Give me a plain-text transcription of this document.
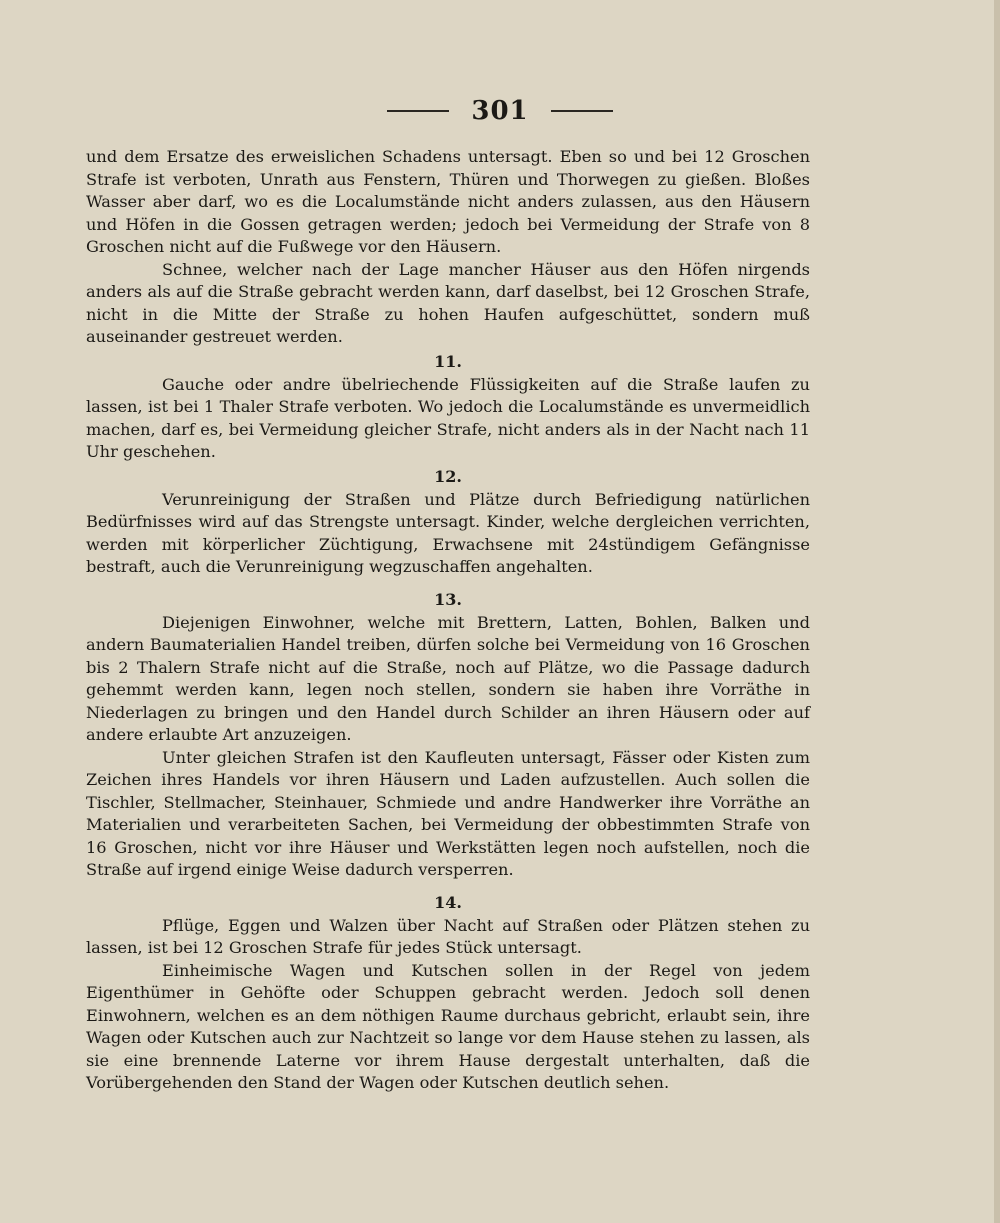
301

und dem Ersatze des erweislichen Schadens untersagt. Eben so und bei 12 Groschen Strafe ist verboten, Unrath aus Fenstern, Thüren und Thorwegen zu gießen. Bloßes Wasser aber darf, wo es die Localumstände nicht anders zulassen, aus den Häusern und Höfen in die Gossen getragen werden; jedoch bei Vermeidung der Strafe von 8 Groschen nicht auf die Fußwege vor den Häusern.

Schnee, welcher nach der Lage mancher Häuser aus den Höfen nirgends anders als auf die Straße gebracht werden kann, darf daselbst, bei 12 Groschen Strafe, nicht in die Mitte der Straße zu hohen Haufen aufgeschüttet, sondern muß auseinander gestreuet werden.

11.

Gauche oder andre übelriechende Flüssigkeiten auf die Straße laufen zu lassen, ist bei 1 Thaler Strafe verboten. Wo jedoch die Localumstände es unvermeidlich machen, darf es, bei Vermeidung gleicher Strafe, nicht anders als in der Nacht nach 11 Uhr geschehen.

12.

Verunreinigung der Straßen und Plätze durch Befriedigung natürlichen Bedürfnisses wird auf das Strengste untersagt. Kinder, welche dergleichen verrichten, werden mit körperlicher Züchtigung, Erwachsene mit 24stündigem Gefängnisse bestraft, auch die Verunreinigung wegzuschaffen angehalten.

13.

Diejenigen Einwohner, welche mit Brettern, Latten, Bohlen, Balken und andern Baumaterialien Handel treiben, dürfen solche bei Vermeidung von 16 Groschen bis 2 Thalern Strafe nicht auf die Straße, noch auf Plätze, wo die Passage dadurch gehemmt werden kann, legen noch stellen, sondern sie haben ihre Vorräthe in Niederlagen zu bringen und den Handel durch Schilder an ihren Häusern oder auf andere erlaubte Art anzuzeigen.

Unter gleichen Strafen ist den Kaufleuten untersagt, Fässer oder Kisten zum Zeichen ihres Handels vor ihren Häusern und Laden aufzustellen. Auch sollen die Tischler, Stellmacher, Steinhauer, Schmiede und andre Handwerker ihre Vorräthe an Materialien und verarbeiteten Sachen, bei Vermeidung der obbestimmten Strafe von 16 Groschen, nicht vor ihre Häuser und Werkstätten legen noch aufstellen, noch die Straße auf irgend einige Weise dadurch versperren.

14.

Pflüge, Eggen und Walzen über Nacht auf Straßen oder Plätzen stehen zu lassen, ist bei 12 Groschen Strafe für jedes Stück untersagt.

Einheimische Wagen und Kutschen sollen in der Regel von jedem Eigenthümer in Gehöfte oder Schuppen gebracht werden. Jedoch soll denen Einwohnern, welchen es an dem nöthigen Raume durchaus gebricht, erlaubt sein, ihre Wagen oder Kutschen auch zur Nachtzeit so lange vor dem Hause stehen zu lassen, als sie eine brennende Laterne vor ihrem Hause dergestalt unterhalten, daß die Vorübergehenden den Stand der Wagen oder Kutschen deutlich sehen.
